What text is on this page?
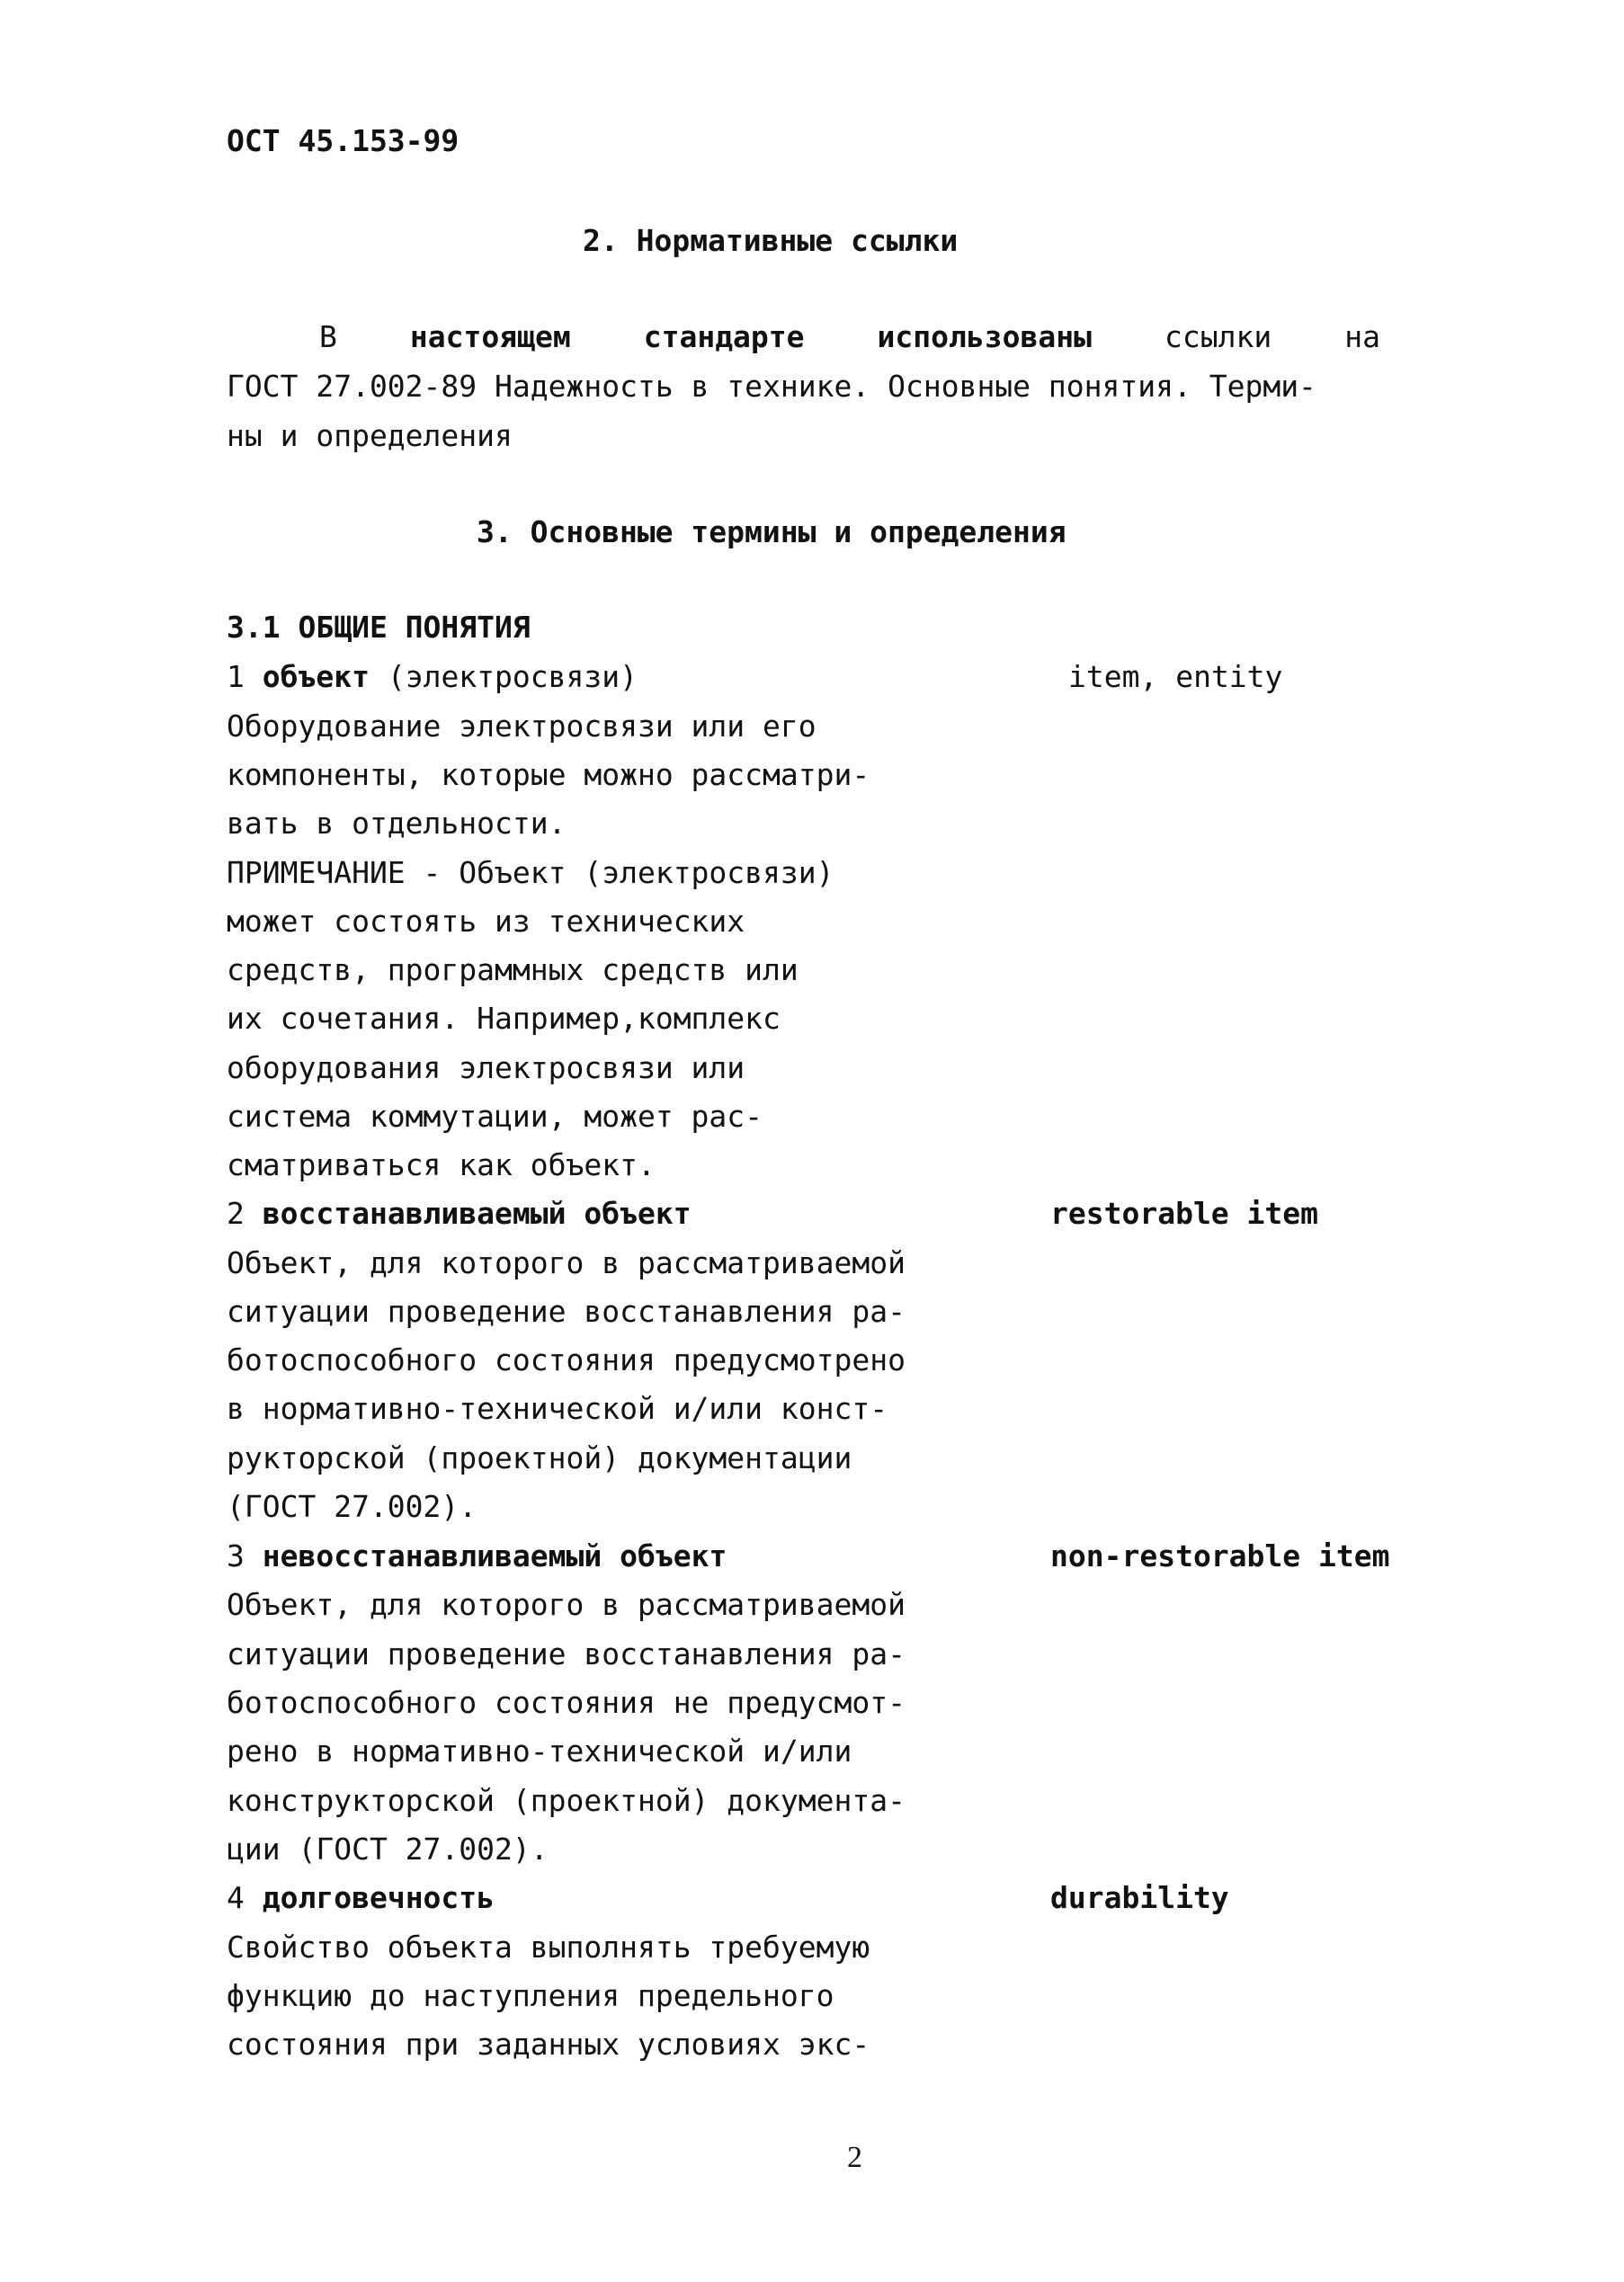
ОСТ 45.153-99
2. Нормативные ссылки
В настоящем стандарте использованы ссылки на
ГОСТ 27.002-89 Надежность в технике. Основные понятия. Терми-
ны и определения
3. Основные термины и определения
3.1 ОБЩИЕ ПОНЯТИЯ
1 объект (электросвязи)	item, entity
Оборудование электросвязи или его
компоненты, которые можно рассматри-
вать в отдельности.
ПРИМЕЧАНИЕ - Объект (электросвязи)
может состоять из технических
средств, программных средств или
их сочетания. Например,комплекс
оборудования электросвязи или
система коммутации, может рас-
сматриваться как объект.
2 восстанавливаемый объект	restorable item
Объект, для которого в рассматриваемой
ситуации проведение восстанавления ра-
ботоспособного состояния предусмотрено
в нормативно-технической и/или конст-
рукторской (проектной) документации
(ГОСТ 27.002).
3 невосстанавливаемый объект	non-restorable item
Объект, для которого в рассматриваемой
ситуации проведение восстанавления ра-
ботоспособного состояния не предусмот-
рено в нормативно-технической и/или
конструкторской (проектной) документа-
ции (ГОСТ 27.002).
4 долговечность	durability
Свойство объекта выполнять требуемую
функцию до наступления предельного
состояния при заданных условиях экс-
2
